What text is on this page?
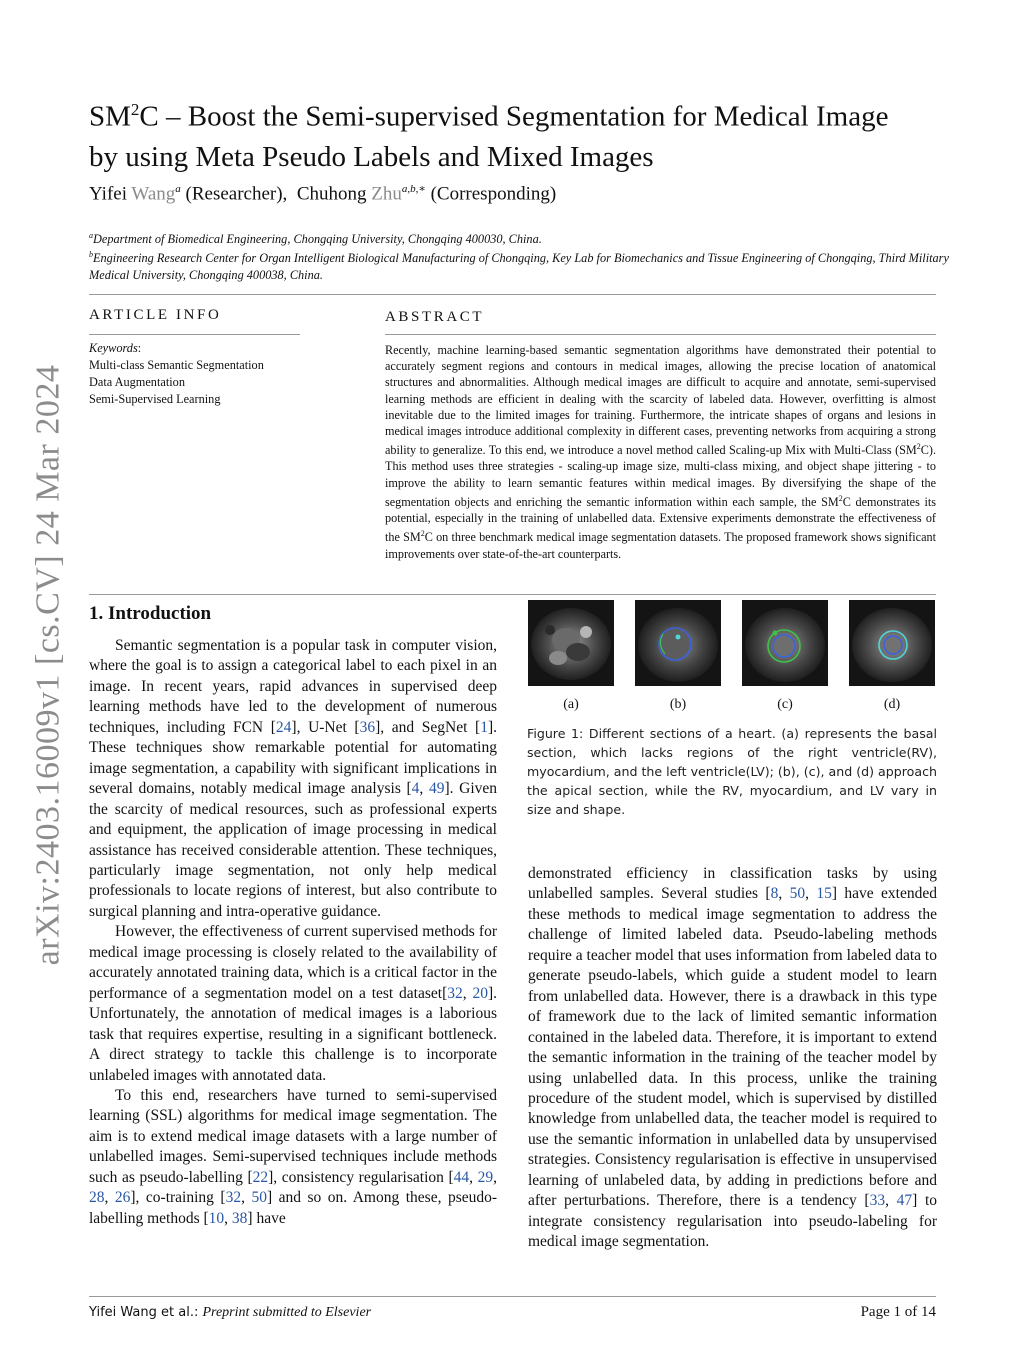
arXiv:2403.16009v1 [cs.CV] 24 Mar 2024
$SM^2C$ – Boost the Semi-supervised Segmentation for Medical Image
by using Meta Pseudo Labels and Mixed Images
Yifei Wang$^a$ (Researcher), Chuhong Zhu$^{a,b,∗}$ (Corresponding)
$^a$Department of Biomedical Engineering, Chongqing University, Chongqing 400030, China.
$^b$Engineering Research Center for Organ Intelligent Biological Manufacturing of Chongqing, Key Lab for Biomechanics and Tissue Engineering of Chongqing, Third Military Medical University, Chongqing 400038, China.
ARTICLE INFO
Keywords:
Multi-class Semantic Segmentation
Data Augmentation
Semi-Supervised Learning
ABSTRACT

Recently, machine learning-based semantic segmentation algorithms have demonstrated their potential to accurately segment regions and contours in medical images, allowing the precise location of anatomical structures and abnormalities. Although medical images are difficult to acquire and annotate, semi-supervised learning methods are efficient in dealing with the scarcity of labeled data. However, overfitting is almost inevitable due to the limited images for training. Furthermore, the intricate shapes of organs and lesions in medical images introduce additional complexity in different cases, preventing networks from acquiring a strong ability to generalize. To this end, we introduce a novel method called Scaling-up Mix with Multi-Class $(SM^2C)$. This method uses three strategies - scaling-up image size, multi-class mixing, and object shape jittering - to improve the ability to learn semantic features within medical images. By diversifying the shape of the segmentation objects and enriching the semantic information within each sample, the $SM^2C$ demonstrates its potential, especially in the training of unlabelled data. Extensive experiments demonstrate the effectiveness of the $SM^2C$ on three benchmark medical image segmentation datasets. The proposed framework shows significant improvements over state-of-the-art counterparts.

1. Introduction

Semantic segmentation is a popular task in computer vision, where the goal is to assign a categorical label to each pixel in an image. In recent years, rapid advances in supervised deep learning methods have led to the development of numerous techniques, including FCN [24], U-Net [36], and SegNet [1]. These techniques show remarkable potential for automating image segmentation, a capability with significant implications in several domains, notably medical image analysis [4, 49]. Given the scarcity of medical resources, such as professional experts and equipment, the application of image processing in medical assistance has received considerable attention. These techniques, particularly image segmentation, not only help medical professionals to locate regions of interest, but also contribute to surgical planning and intra-operative guidance.

However, the effectiveness of current supervised methods for medical image processing is closely related to the availability of accurately annotated training data, which is a critical factor in the performance of a segmentation model on a test dataset[32, 20]. Unfortunately, the annotation of medical images is a laborious task that requires expertise, resulting in a significant bottleneck. A direct strategy to tackle this challenge is to incorporate unlabeled images with annotated data.

To this end, researchers have turned to semi-supervised learning (SSL) algorithms for medical image segmentation. The aim is to extend medical image datasets with a large number of unlabelled images. Semi-supervised techniques include methods such as pseudo-labelling [22], consistency regularisation [44, 29, 28, 26], co-training [32, 50] and so on. Among these, pseudo-labelling methods [10, 38] have

(a)	(b)	(c)	(d)

Figure 1: Different sections of a heart. (a) represents the basal section, which lacks regions of the right ventricle(RV), myocardium, and the left ventricle(LV); (b), (c), and (d) approach the apical section, while the RV, myocardium, and LV vary in size and shape.

demonstrated efficiency in classification tasks by using unlabelled samples. Several studies [8, 50, 15] have extended these methods to medical image segmentation to address the challenge of limited labeled data. Pseudo-labeling methods require a teacher model that uses information from labeled data to generate pseudo-labels, which guide a student model to learn from unlabelled data. However, there is a drawback in this type of framework due to the lack of limited semantic information contained in the labeled data. Therefore, it is important to extend the semantic information in the training of the teacher model by using unlabelled data. In this process, unlike the training procedure of the student model, which is supervised by distilled knowledge from unlabelled data, the teacher model is required to use the semantic information in unlabelled data by unsupervised strategies. Consistency regularisation is effective in unsupervised learning of unlabeled data, by adding in predictions before and after perturbations. Therefore, there is a tendency [33, 47] to integrate consistency regularisation into pseudo-labeling for medical image segmentation.

Yifei Wang et al.: Preprint submitted to Elsevier	Page 1 of 14
